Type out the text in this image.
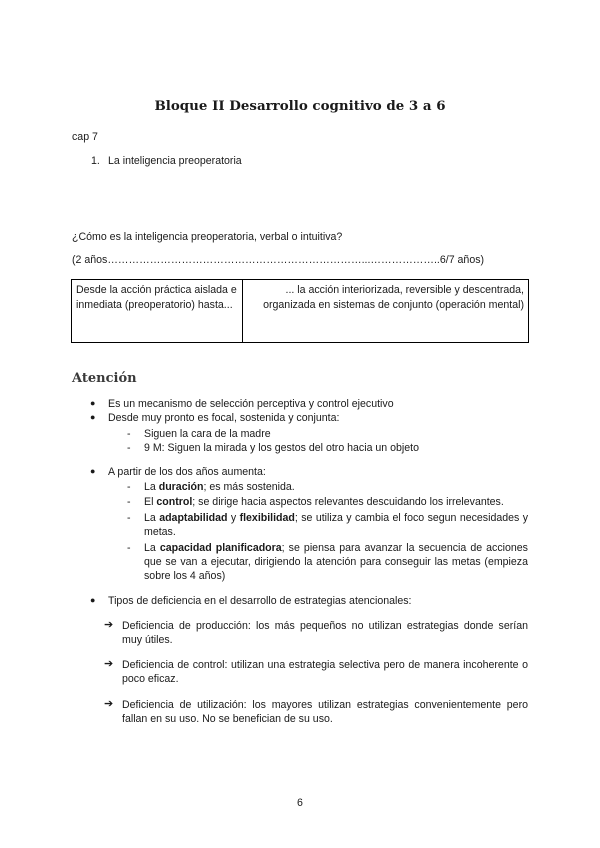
Bloque II Desarrollo cognitivo de 3 a 6
cap 7
1. La inteligencia preoperatoria
¿Cómo es la inteligencia preoperatoria, verbal o intuitiva?
(2 años………………………………………………………………...………………..6/7 años)
Desde la acción práctica aislada e inmediata (preoperatorio) hasta...	... la acción interiorizada, reversible y descentrada, organizada en sistemas de conjunto (operación mental)
Atención
● Es un mecanismo de selección perceptiva y control ejecutivo
● Desde muy pronto es focal, sostenida y conjunta:
- Siguen la cara de la madre
- 9 M: Siguen la mirada y los gestos del otro hacia un objeto
● A partir de los dos años aumenta:
- La duración; es más sostenida.
- El control; se dirige hacia aspectos relevantes descuidando los irrelevantes.
- La adaptabilidad y flexibilidad; se utiliza y cambia el foco segun necesidades y metas.
- La capacidad planificadora; se piensa para avanzar la secuencia de acciones que se van a ejecutar, dirigiendo la atención para conseguir las metas (empieza sobre los 4 años)
● Tipos de deficiencia en el desarrollo de estrategias atencionales:
➔ Deficiencia de producción: los más pequeños no utilizan estrategias donde serían muy útiles.
➔ Deficiencia de control: utilizan una estrategia selectiva pero de manera incoherente o poco eficaz.
➔ Deficiencia de utilización: los mayores utilizan estrategias convenientemente pero fallan en su uso. No se benefician de su uso.
6
